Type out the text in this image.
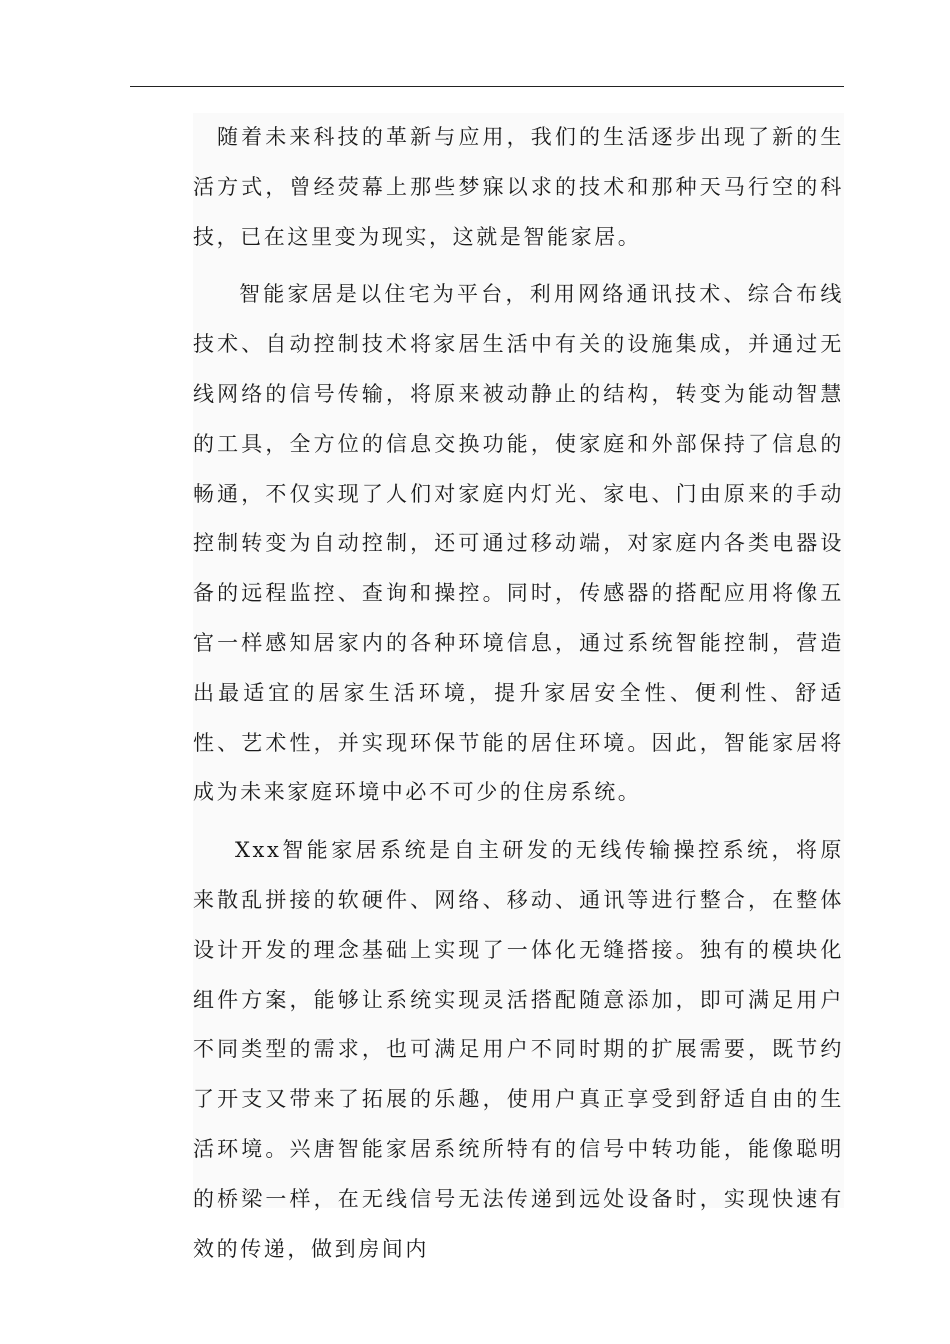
随着未来科技的革新与应用，我们的生活逐步出现了新的生活方式，曾经荧幕上那些梦寐以求的技术和那种天马行空的科技，已在这里变为现实，这就是智能家居。

智能家居是以住宅为平台，利用网络通讯技术、综合布线技术、自动控制技术将家居生活中有关的设施集成，并通过无线网络的信号传输，将原来被动静止的结构，转变为能动智慧的工具，全方位的信息交换功能，使家庭和外部保持了信息的畅通，不仅实现了人们对家庭内灯光、家电、门由原来的手动控制转变为自动控制，还可通过移动端，对家庭内各类电器设备的远程监控、查询和操控。同时，传感器的搭配应用将像五官一样感知居家内的各种环境信息，通过系统智能控制，营造出最适宜的居家生活环境，提升家居安全性、便利性、舒适性、艺术性，并实现环保节能的居住环境。因此，智能家居将成为未来家庭环境中必不可少的住房系统。

Xxx智能家居系统是自主研发的无线传输操控系统，将原来散乱拼接的软硬件、网络、移动、通讯等进行整合，在整体设计开发的理念基础上实现了一体化无缝搭接。独有的模块化组件方案，能够让系统实现灵活搭配随意添加，即可满足用户不同类型的需求，也可满足用户不同时期的扩展需要，既节约了开支又带来了拓展的乐趣，使用户真正享受到舒适自由的生活环境。兴唐智能家居系统所特有的信号中转功能，能像聪明的桥梁一样，在无线信号无法传递到远处设备时，实现快速有效的传递，做到房间内
